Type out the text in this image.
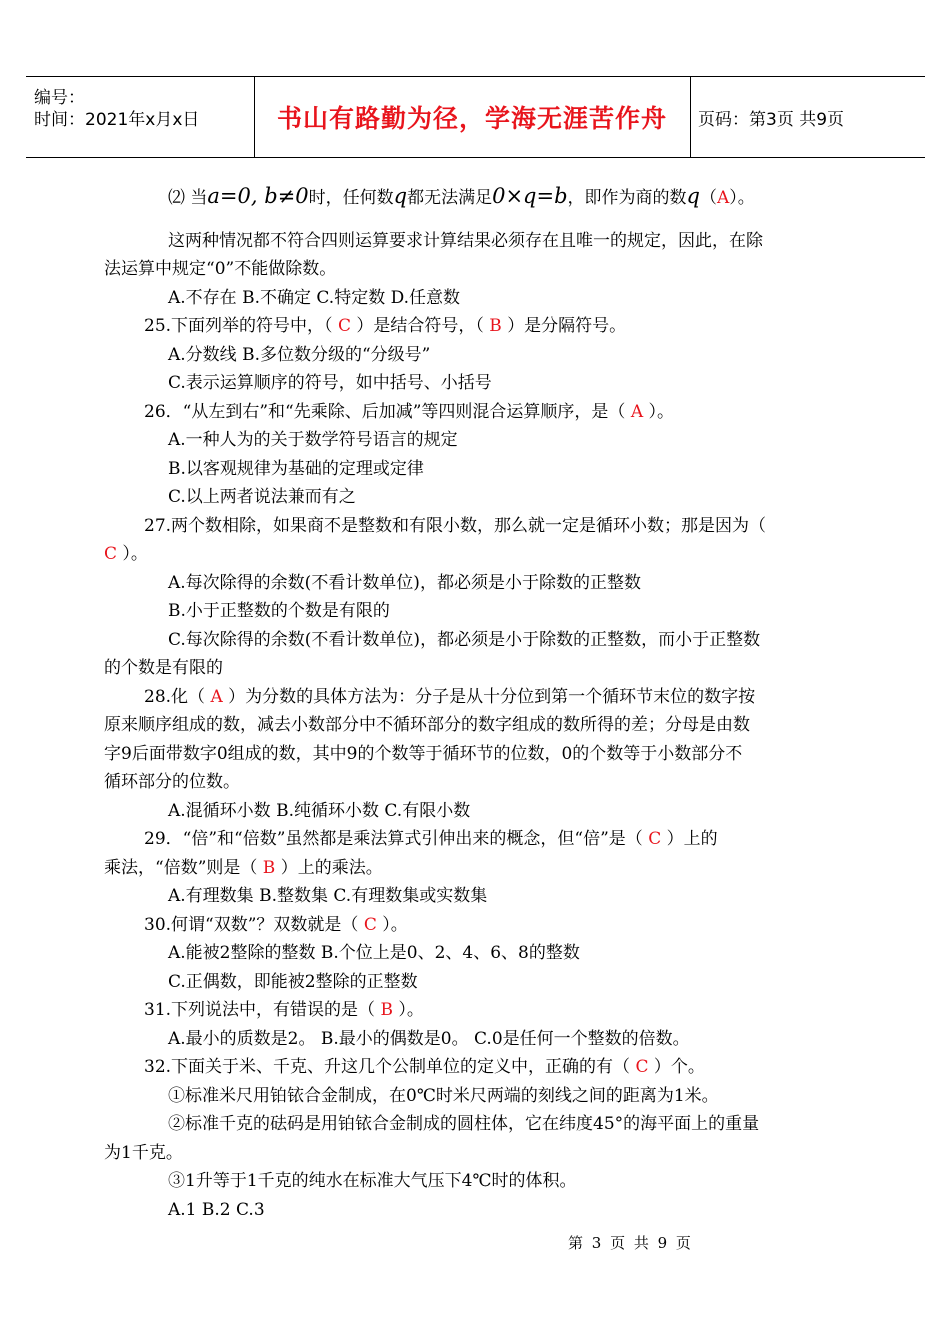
编号：
时间：2021年x月x日	书山有路勤为径，学海无涯苦作舟 页码：第3页 共9页

⑵ 当a=0, b≠0时，任何数q都无法满足0×q=b，即作为商的数q（A）。

这两种情况都不符合四则运算要求计算结果必须存在且唯一的规定，因此，在除

法运算中规定“0”不能做除数。

A.不存在 B.不确定 C.特定数 D.任意数

25.下面列举的符号中，（ C ）是结合符号，（ B ）是分隔符号。

A.分数线 B.多位数分级的“分级号”

C.表示运算顺序的符号，如中括号、小括号

26．“从左到右”和“先乘除、后加减”等四则混合运算顺序，是（ A ）。

A.一种人为的关于数学符号语言的规定

B.以客观规律为基础的定理或定律

C.以上两者说法兼而有之

27.两个数相除，如果商不是整数和有限小数，那么就一定是循环小数；那是因为（

C ）。

A.每次除得的余数(不看计数单位)，都必须是小于除数的正整数

B.小于正整数的个数是有限的

C.每次除得的余数(不看计数单位)，都必须是小于除数的正整数，而小于正整数

的个数是有限的

28.化（ A ）为分数的具体方法为：分子是从十分位到第一个循环节末位的数字按

原来顺序组成的数，减去小数部分中不循环部分的数字组成的数所得的差；分母是由数

字9后面带数字0组成的数，其中9的个数等于循环节的位数，0的个数等于小数部分不

循环部分的位数。

A.混循环小数 B.纯循环小数 C.有限小数

29．“倍”和“倍数”虽然都是乘法算式引伸出来的概念，但“倍”是（ C ）上的

乘法，“倍数”则是（ B ）上的乘法。

A.有理数集 B.整数集 C.有理数集或实数集

30.何谓“双数”？双数就是（ C ）。

A.能被2整除的整数 B.个位上是0、2、4、6、8的整数

C.正偶数，即能被2整除的正整数

31.下列说法中，有错误的是（ B ）。

A.最小的质数是2。 B.最小的偶数是0。 C.0是任何一个整数的倍数。

32.下面关于米、千克、升这几个公制单位的定义中，正确的有（ C ）个。

①标准米尺用铂铱合金制成，在0℃时米尺两端的刻线之间的距离为1米。

②标准千克的砝码是用铂铱合金制成的圆柱体，它在纬度45°的海平面上的重量

为1千克。

③1升等于1千克的纯水在标准大气压下4℃时的体积。

A.1 B.2 C.3

第 3 页 共 9 页
